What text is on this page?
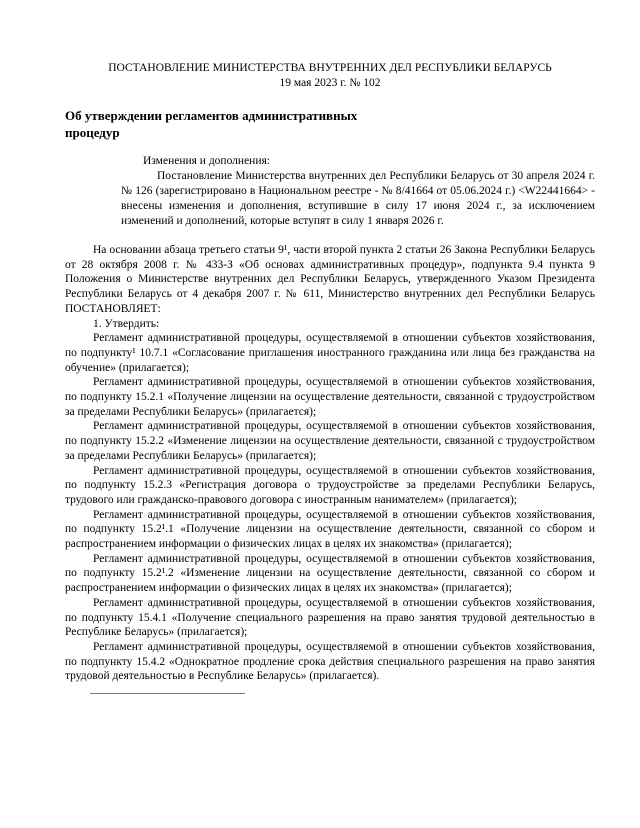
ПОСТАНОВЛЕНИЕ МИНИСТЕРСТВА ВНУТРЕННИХ ДЕЛ РЕСПУБЛИКИ БЕЛАРУСЬ
19 мая 2023 г. № 102
Об утверждении регламентов административных процедур
Изменения и дополнения:
Постановление Министерства внутренних дел Республики Беларусь от 30 апреля 2024 г. № 126 (зарегистрировано в Национальном реестре - № 8/41664 от 05.06.2024 г.) <W22441664> - внесены изменения и дополнения, вступившие в силу 17 июня 2024 г., за исключением изменений и дополнений, которые вступят в силу 1 января 2026 г.

На основании абзаца третьего статьи 9¹, части второй пункта 2 статьи 26 Закона Республики Беларусь от 28 октября 2008 г. № 433-З «Об основах административных процедур», подпункта 9.4 пункта 9 Положения о Министерстве внутренних дел Республики Беларусь, утвержденного Указом Президента Республики Беларусь от 4 декабря 2007 г. № 611, Министерство внутренних дел Республики Беларусь ПОСТАНОВЛЯЕТ:

1. Утвердить:

Регламент административной процедуры, осуществляемой в отношении субъектов хозяйствования, по подпункту¹ 10.7.1 «Согласование приглашения иностранного гражданина или лица без гражданства на обучение» (прилагается);

Регламент административной процедуры, осуществляемой в отношении субъектов хозяйствования, по подпункту 15.2.1 «Получение лицензии на осуществление деятельности, связанной с трудоустройством за пределами Республики Беларусь» (прилагается);

Регламент административной процедуры, осуществляемой в отношении субъектов хозяйствования, по подпункту 15.2.2 «Изменение лицензии на осуществление деятельности, связанной с трудоустройством за пределами Республики Беларусь» (прилагается);

Регламент административной процедуры, осуществляемой в отношении субъектов хозяйствования, по подпункту 15.2.3 «Регистрация договора о трудоустройстве за пределами Республики Беларусь, трудового или гражданско-правового договора с иностранным нанимателем» (прилагается);

Регламент административной процедуры, осуществляемой в отношении субъектов хозяйствования, по подпункту 15.2¹.1 «Получение лицензии на осуществление деятельности, связанной со сбором и распространением информации о физических лицах в целях их знакомства» (прилагается);

Регламент административной процедуры, осуществляемой в отношении субъектов хозяйствования, по подпункту 15.2¹.2 «Изменение лицензии на осуществление деятельности, связанной со сбором и распространением информации о физических лицах в целях их знакомства» (прилагается);

Регламент административной процедуры, осуществляемой в отношении субъектов хозяйствования, по подпункту 15.4.1 «Получение специального разрешения на право занятия трудовой деятельностью в Республике Беларусь» (прилагается);

Регламент административной процедуры, осуществляемой в отношении субъектов хозяйствования, по подпункту 15.4.2 «Однократное продление срока действия специального разрешения на право занятия трудовой деятельностью в Республике Беларусь» (прилагается).
